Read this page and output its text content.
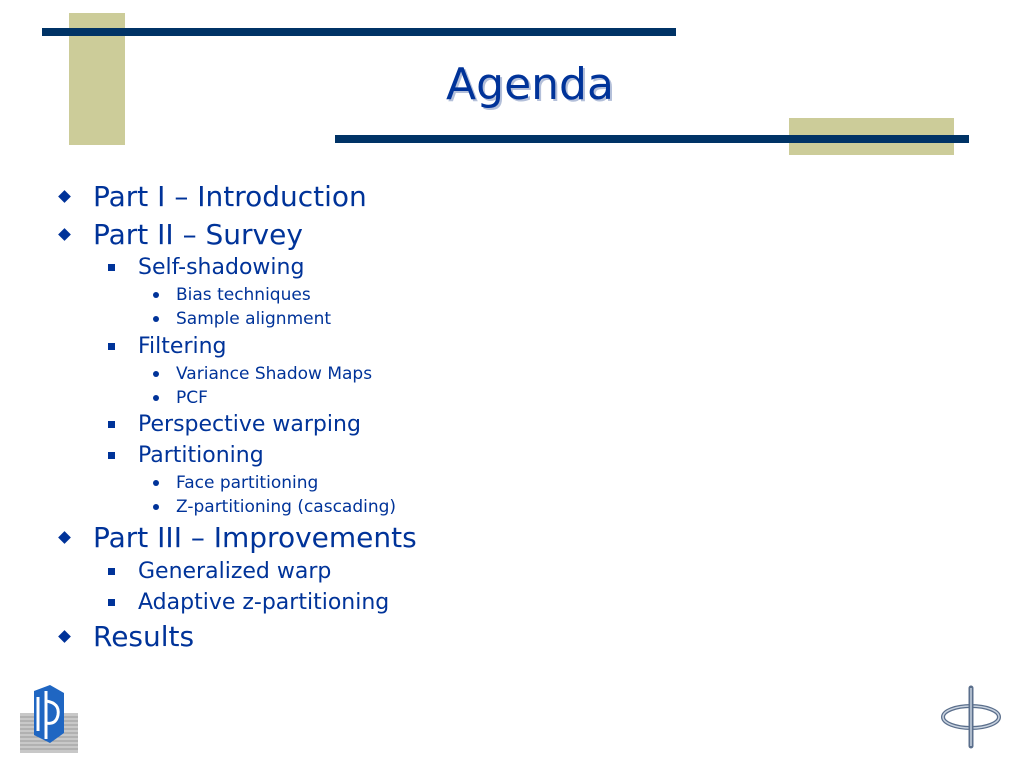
Agenda
Part I – Introduction
Part II – Survey
Self-shadowing
Bias techniques
Sample alignment
Filtering
Variance Shadow Maps
PCF
Perspective warping
Partitioning
Face partitioning
Z-partitioning (cascading)
Part III – Improvements
Generalized warp
Adaptive z-partitioning
Results
